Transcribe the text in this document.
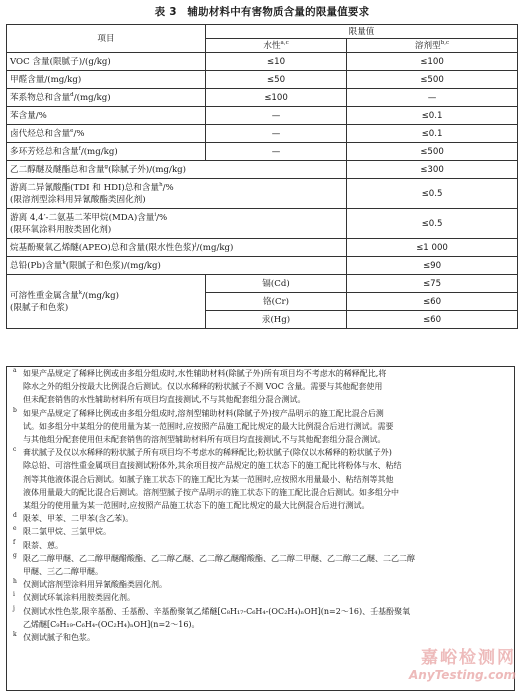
表 3　辅助材料中有害物质含量的限量值要求
项目	限量值	
	水性$^{a,c}$	溶剂型$^{b,c}$
VOC 含量(限腻子)/(g/kg)	≤10	≤100
甲醛含量/(mg/kg)	≤50	≤500
苯系物总和含量$^d$/(mg/kg)	≤100	—
苯含量/%	—	≤0.1
卤代烃总和含量$^e$/%	—	≤0.1
多环芳烃总和含量$^f$/(mg/kg)	—	≤500
乙二醇醚及醚酯总和含量$^g$(除腻子外)/(mg/kg)		≤300
游离二异氰酸酯(TDI 和 HDI)总和含量$^h$/%
(限溶剂型涂料用异氰酸酯类固化剂)		≤0.5
游离 4,4′-二氨基二苯甲烷(MDA)含量$^i$/%
(限环氧涂料用胺类固化剂)		≤0.5
烷基酚聚氧乙烯醚(APEO)总和含量(限水性色浆)$^j$/(mg/kg)		≤1 000
总铅(Pb)含量$^k$(限腻子和色浆)/(mg/kg)		≤90
可溶性重金属含量$^k$/(mg/kg)
(限腻子和色浆)	镉(Cd)	≤75
	铬(Cr)	≤60
	汞(Hg)	≤60
a 如果产品规定了稀释比例或由多组分组成时,水性辅助材料(除腻子外)所有项目均不考虑水的稀释配比,将
除水之外的组分按最大比例混合后测试。仅以水稀释的粉状腻子不测 VOC 含量。需要与其他配套使用
但未配套销售的水性辅助材料所有项目均直接测试,不与其他配套组分混合测试。
b 如果产品规定了稀释比例或由多组分组成时,溶剂型辅助材料(除腻子外)按产品明示的施工配比混合后测
试。如多组分中某组分的使用量为某一范围时,应按照产品施工配比规定的最大比例混合后进行测试。需要
与其他组分配套使用但未配套销售的溶剂型辅助材料所有项目均直接测试,不与其他配套组分混合测试。
c 膏状腻子及仅以水稀释的粉状腻子所有项目均不考虑水的稀释配比;粉状腻子(除仅以水稀释的粉状腻子外)
除总铅、可溶性重金属项目直接测试粉体外,其余项目按产品规定的施工状态下的施工配比将粉体与水、粘结
剂等其他液体混合后测试。如腻子施工状态下的施工配比为某一范围时,应按照水用量最小、粘结剂等其他
液体用量最大的配比混合后测试。溶剂型腻子按产品明示的施工状态下的施工配比混合后测试。如多组分中
某组分的使用量为某一范围时,应按照产品施工状态下的施工配比规定的最大比例混合后进行测试。
d 限苯、甲苯、二甲苯(含乙苯)。
e 限二氯甲烷、三氯甲烷。
f 限萘、蒽。
g 限乙二醇甲醚、乙二醇甲醚醋酸酯、乙二醇乙醚、乙二醇乙醚醋酸酯、乙二醇二甲醚、乙二醇二乙醚、二乙二醇
甲醚、三乙二醇甲醚。
h 仅测试溶剂型涂料用异氰酸酯类固化剂。
i 仅测试环氧涂料用胺类固化剂。
j 仅测试水性色浆,限辛基酚、壬基酚、辛基酚聚氧乙烯醚[C₈H₁₇-C₆H₄-(OC₂H₄)ₙOH](n=2～16)、壬基酚聚氧
乙烯醚[C₉H₁₉-C₆H₄-(OC₂H₄)ₙOH](n=2～16)。
k 仅测试腻子和色浆。
嘉峪检测网
AnyTesting.com
